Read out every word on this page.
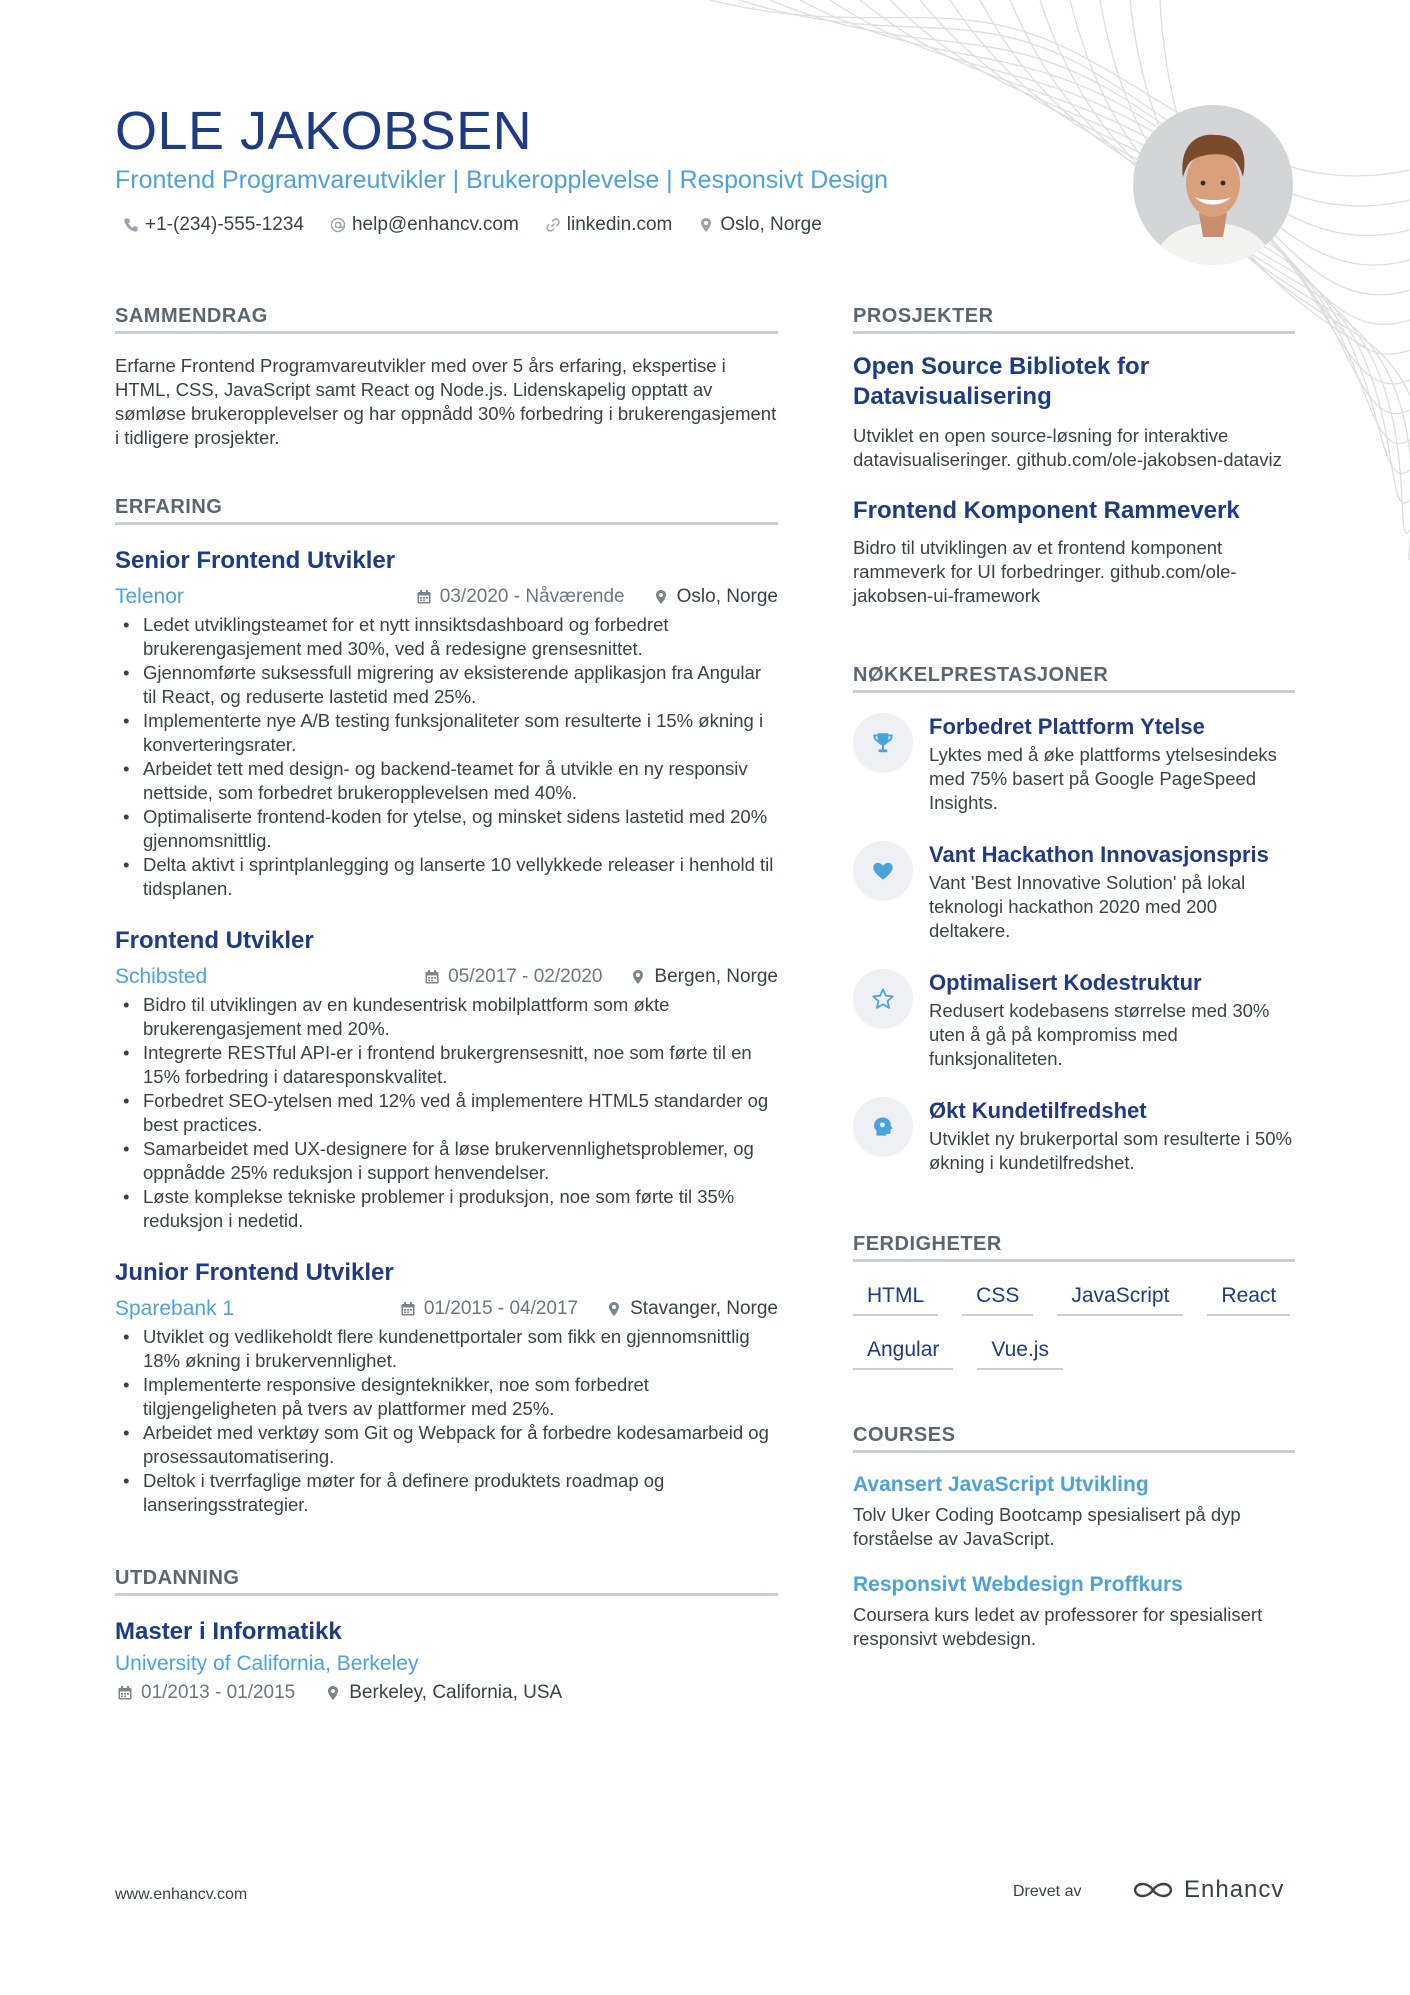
OLE JAKOBSEN
Frontend Programvareutvikler | Brukeropplevelse | Responsivt Design
+1-(234)-555-1234	help@enhancv.com	linkedin.com	Oslo, Norge
SAMMENDRAG

Erfarne Frontend Programvareutvikler med over 5 års erfaring, ekspertise i HTML, CSS, JavaScript samt React og Node.js. Lidenskapelig opptatt av sømløse brukeropplevelser og har oppnådd 30% forbedring i brukerengasjement i tidligere prosjekter.

ERFARING
Senior Frontend Utvikler
Telenor	03/2020 - Nåværende	Oslo, Norge
• Ledet utviklingsteamet for et nytt innsiktsdashboard og forbedret brukerengasjement med 30%, ved å redesigne grensesnittet.
• Gjennomførte suksessfull migrering av eksisterende applikasjon fra Angular til React, og reduserte lastetid med 25%.
• Implementerte nye A/B testing funksjonaliteter som resulterte i 15% økning i konverteringsrater.
• Arbeidet tett med design- og backend-teamet for å utvikle en ny responsiv nettside, som forbedret brukeropplevelsen med 40%.
• Optimaliserte frontend-koden for ytelse, og minsket sidens lastetid med 20% gjennomsnittlig.
• Delta aktivt i sprintplanlegging og lanserte 10 vellykkede releaser i henhold til tidsplanen.
Frontend Utvikler
Schibsted	05/2017 - 02/2020	Bergen, Norge
• Bidro til utviklingen av en kundesentrisk mobilplattform som økte brukerengasjement med 20%.
• Integrerte RESTful API-er i frontend brukergrensesnitt, noe som førte til en 15% forbedring i dataresponskvalitet.
• Forbedret SEO-ytelsen med 12% ved å implementere HTML5 standarder og best practices.
• Samarbeidet med UX-designere for å løse brukervennlighetsproblemer, og oppnådde 25% reduksjon i support henvendelser.
• Løste komplekse tekniske problemer i produksjon, noe som førte til 35% reduksjon i nedetid.
Junior Frontend Utvikler
Sparebank 1	01/2015 - 04/2017	Stavanger, Norge
• Utviklet og vedlikeholdt flere kundenettportaler som fikk en gjennomsnittlig 18% økning i brukervennlighet.
• Implementerte responsive designteknikker, noe som forbedret tilgjengeligheten på tvers av plattformer med 25%.
• Arbeidet med verktøy som Git og Webpack for å forbedre kodesamarbeid og prosessautomatisering.
• Deltok i tverrfaglige møter for å definere produktets roadmap og lanseringsstrategier.
UTDANNING
Master i Informatikk
University of California, Berkeley
01/2013 - 01/2015	Berkeley, California, USA
PROSJEKTER
Open Source Bibliotek for Datavisualisering

Utviklet en open source-løsning for interaktive datavisualiseringer. github.com/ole-jakobsen-dataviz

Frontend Komponent Rammeverk

Bidro til utviklingen av et frontend komponent rammeverk for UI forbedringer. github.com/ole-jakobsen-ui-framework

NØKKELPRESTASJONER
Forbedret Plattform Ytelse

Lyktes med å øke plattforms ytelsesindeks med 75% basert på Google PageSpeed Insights.

Vant Hackathon Innovasjonspris

Vant 'Best Innovative Solution' på lokal teknologi hackathon 2020 med 200 deltakere.

Optimalisert Kodestruktur

Redusert kodebasens størrelse med 30% uten å gå på kompromiss med funksjonaliteten.

Økt Kundetilfredshet

Utviklet ny brukerportal som resulterte i 50% økning i kundetilfredshet.

FERDIGHETER
HTML	CSS	JavaScript	React
Angular	Vue.js
COURSES
Avansert JavaScript Utvikling

Tolv Uker Coding Bootcamp spesialisert på dyp forståelse av JavaScript.

Responsivt Webdesign Proffkurs

Coursera kurs ledet av professorer for spesialisert responsivt webdesign.

www.enhancv.com	Drevet av	Enhancv
